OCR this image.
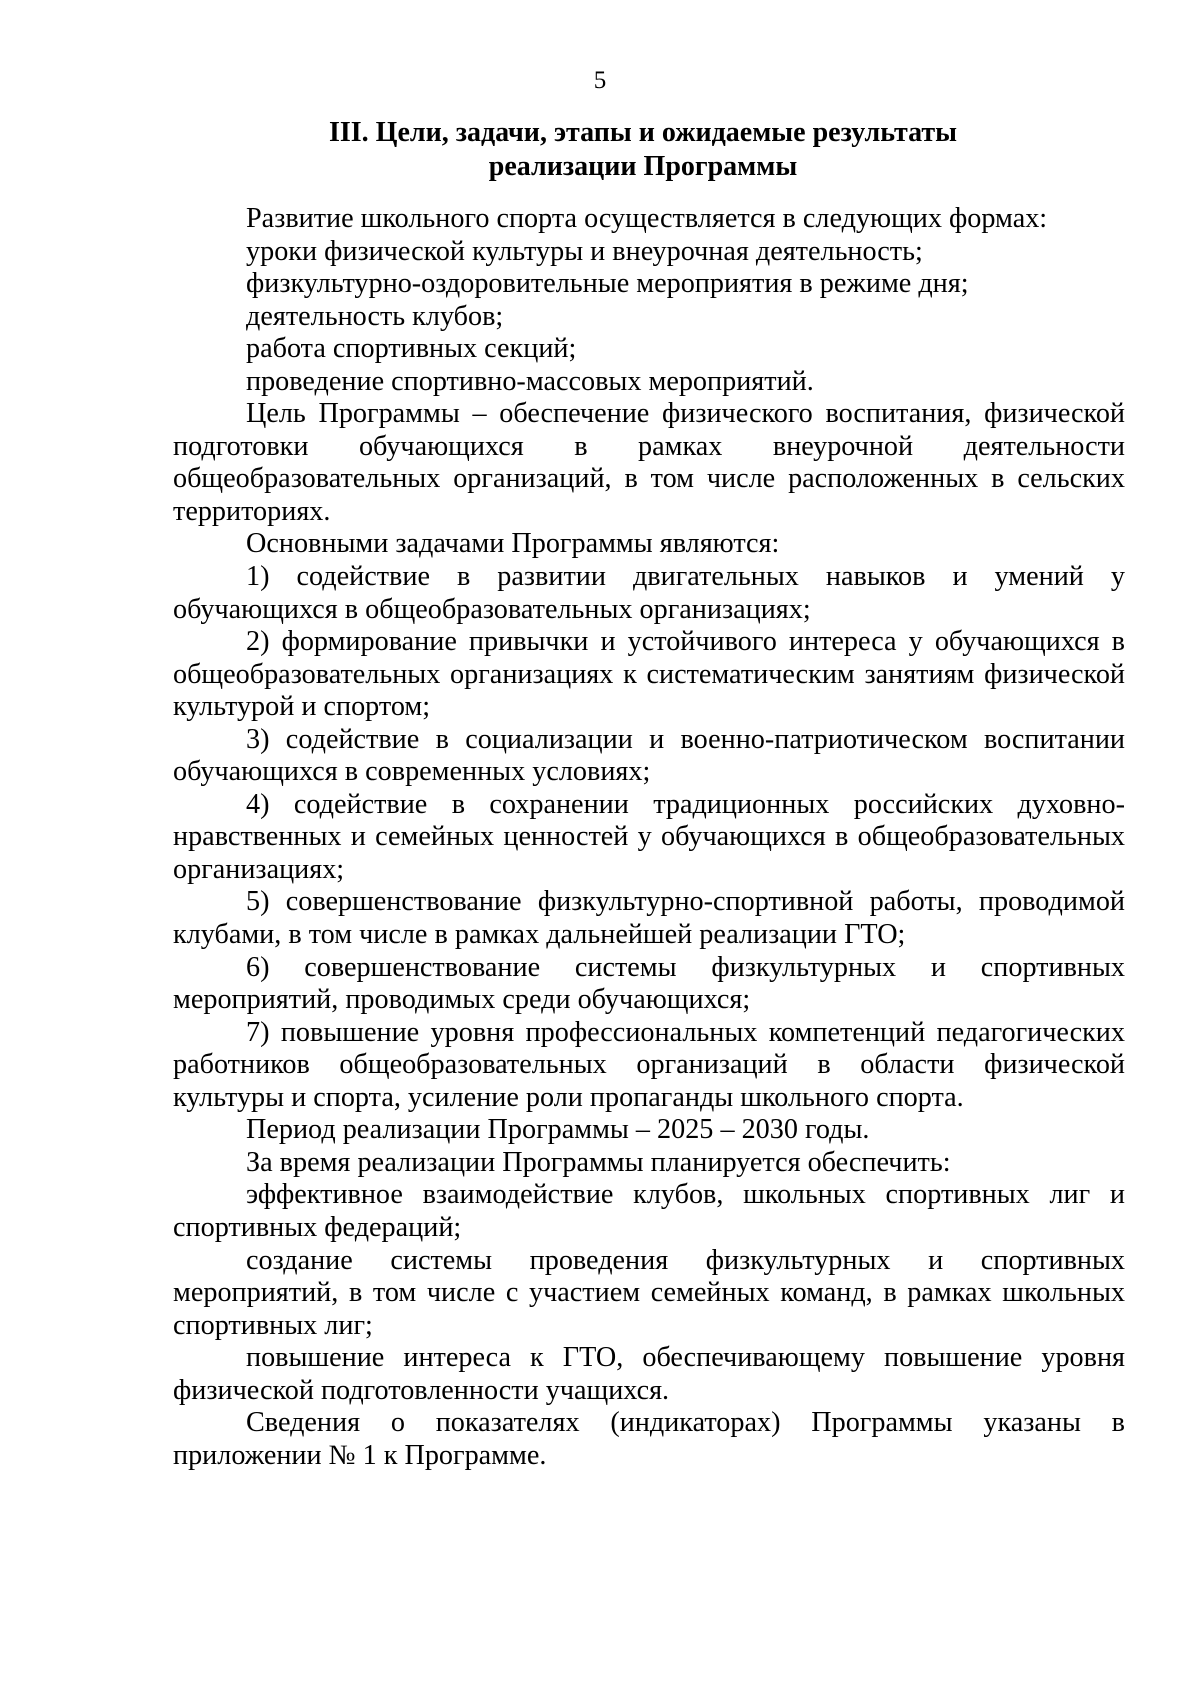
5
III. Цели, задачи, этапы и ожидаемые результаты
реализации Программы

Развитие школьного спорта осуществляется в следующих формах:

уроки физической культуры и внеурочная деятельность;

физкультурно-оздоровительные мероприятия в режиме дня;

деятельность клубов;

работа спортивных секций;

проведение спортивно-массовых мероприятий.

Цель Программы – обеспечение физического воспитания, физической подготовки обучающихся в рамках внеурочной деятельности общеобразовательных организаций, в том числе расположенных в сельских территориях.

Основными задачами Программы являются:

1) содействие в развитии двигательных навыков и умений у обучающихся в общеобразовательных организациях;

2) формирование привычки и устойчивого интереса у обучающихся в общеобразовательных организациях к систематическим занятиям физической культурой и спортом;

3) содействие в социализации и военно-патриотическом воспитании обучающихся в современных условиях;

4) содействие в сохранении традиционных российских духовно-нравственных и семейных ценностей у обучающихся в общеобразовательных организациях;

5) совершенствование физкультурно-спортивной работы, проводимой клубами, в том числе в рамках дальнейшей реализации ГТО;

6) совершенствование системы физкультурных и спортивных мероприятий, проводимых среди обучающихся;

7) повышение уровня профессиональных компетенций педагогических работников общеобразовательных организаций в области физической культуры и спорта, усиление роли пропаганды школьного спорта.

Период реализации Программы – 2025 – 2030 годы.

За время реализации Программы планируется обеспечить:

эффективное взаимодействие клубов, школьных спортивных лиг и спортивных федераций;

создание системы проведения физкультурных и спортивных мероприятий, в том числе с участием семейных команд, в рамках школьных спортивных лиг;

повышение интереса к ГТО, обеспечивающему повышение уровня физической подготовленности учащихся.

Сведения о показателях (индикаторах) Программы указаны в приложении № 1 к Программе.
